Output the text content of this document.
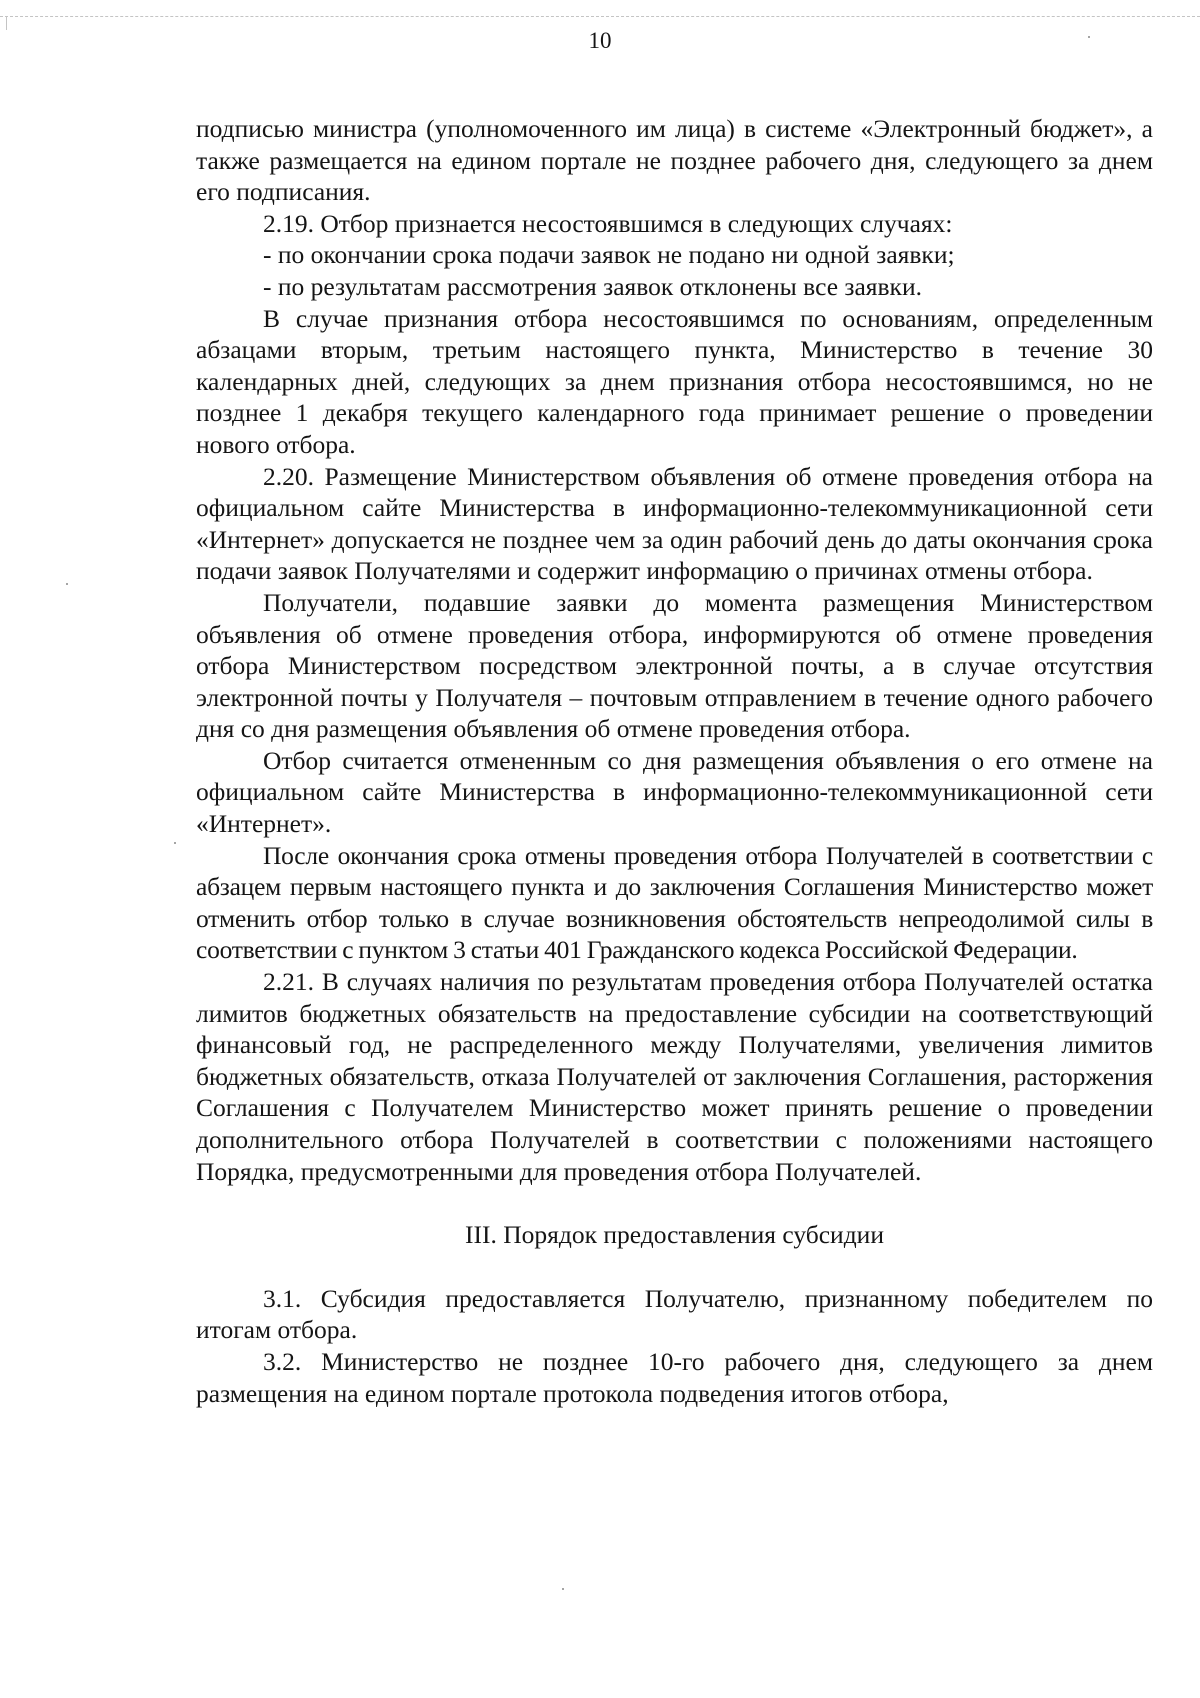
10

подписью министра (уполномоченного им лица) в системе «Электронный бюджет», а также размещается на едином портале не позднее рабочего дня, следующего за днем его подписания.

2.19. Отбор признается несостоявшимся в следующих случаях:

- по окончании срока подачи заявок не подано ни одной заявки;

- по результатам рассмотрения заявок отклонены все заявки.

В случае признания отбора несостоявшимся по основаниям, определенным абзацами вторым, третьим настоящего пункта, Министерство в течение 30 календарных дней, следующих за днем признания отбора несостоявшимся, но не позднее 1 декабря текущего календарного года принимает решение о проведении нового отбора.

2.20. Размещение Министерством объявления об отмене проведения отбора на официальном сайте Министерства в информационно-телекоммуникационной сети «Интернет» допускается не позднее чем за один рабочий день до даты окончания срока подачи заявок Получателями и содержит информацию о причинах отмены отбора.

Получатели, подавшие заявки до момента размещения Министерством объявления об отмене проведения отбора, информируются об отмене проведения отбора Министерством посредством электронной почты, а в случае отсутствия электронной почты у Получателя – почтовым отправлением в течение одного рабочего дня со дня размещения объявления об отмене проведения отбора.

Отбор считается отмененным со дня размещения объявления о его отмене на официальном сайте Министерства в информационно-телекоммуникационной сети «Интернет».

После окончания срока отмены проведения отбора Получателей в соответствии с абзацем первым настоящего пункта и до заключения Соглашения Министерство может отменить отбор только в случае возникновения обстоятельств непреодолимой силы в соответствии с пунктом 3 статьи 401 Гражданского кодекса Российской Федерации.

2.21. В случаях наличия по результатам проведения отбора Получателей остатка лимитов бюджетных обязательств на предоставление субсидии на соответствующий финансовый год, не распределенного между Получателями, увеличения лимитов бюджетных обязательств, отказа Получателей от заключения Соглашения, расторжения Соглашения с Получателем Министерство может принять решение о проведении дополнительного отбора Получателей в соответствии с положениями настоящего Порядка, предусмотренными для проведения отбора Получателей.

III. Порядок предоставления субсидии

3.1. Субсидия предоставляется Получателю, признанному победителем по итогам отбора.

3.2. Министерство не позднее 10-го рабочего дня, следующего за днем размещения на едином портале протокола подведения итогов отбора,
